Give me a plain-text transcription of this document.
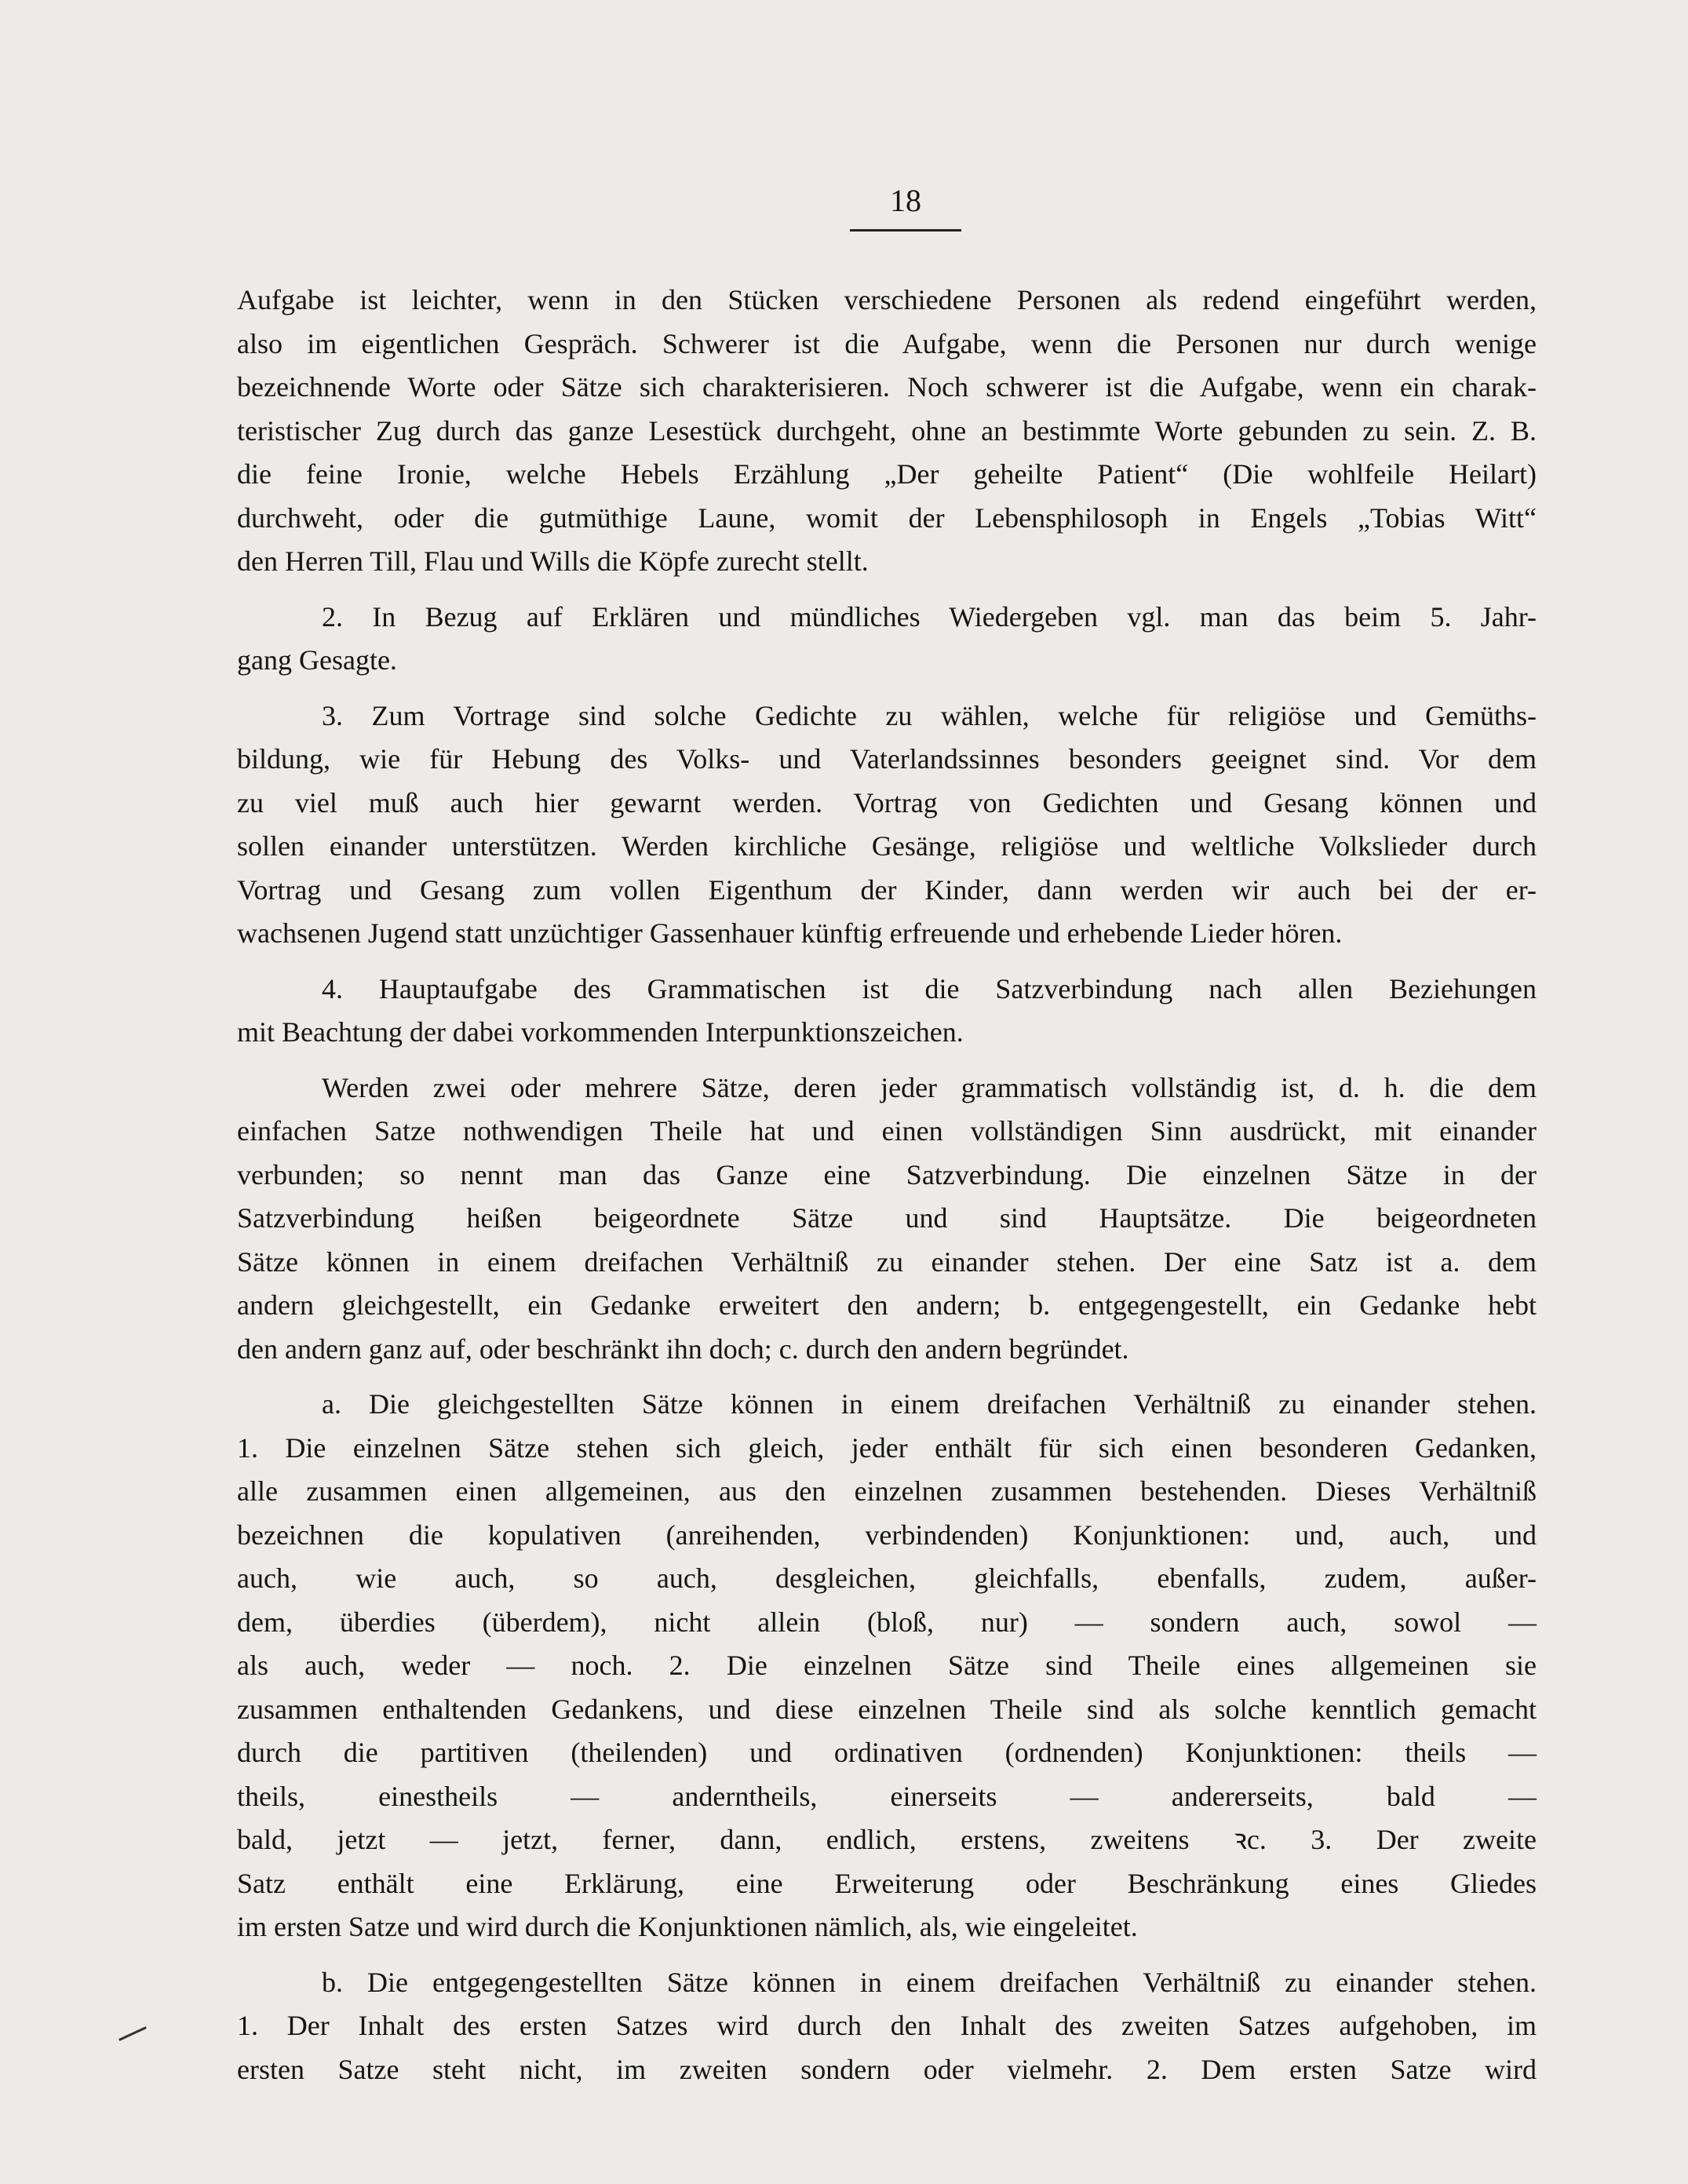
18
Aufgabe ist leichter, wenn in den Stücken verschiedene Personen als redend eingeführt werden,
also im eigentlichen Gespräch. Schwerer ist die Aufgabe, wenn die Personen nur durch wenige
bezeichnende Worte oder Sätze sich charakterisieren. Noch schwerer ist die Aufgabe, wenn ein charak-
teristischer Zug durch das ganze Lesestück durchgeht, ohne an bestimmte Worte gebunden zu sein. Z. B.
die feine Ironie, welche Hebels Erzählung „Der geheilte Patient“ (Die wohlfeile Heilart)
durchweht, oder die gutmüthige Laune, womit der Lebensphilosoph in Engels „Tobias Witt“
den Herren Till, Flau und Wills die Köpfe zurecht stellt.
2. In Bezug auf Erklären und mündliches Wiedergeben vgl. man das beim 5. Jahr-
gang Gesagte.
3. Zum Vortrage sind solche Gedichte zu wählen, welche für religiöse und Gemüths-
bildung, wie für Hebung des Volks- und Vaterlandssinnes besonders geeignet sind. Vor dem
zu viel muß auch hier gewarnt werden. Vortrag von Gedichten und Gesang können und
sollen einander unterstützen. Werden kirchliche Gesänge, religiöse und weltliche Volkslieder durch
Vortrag und Gesang zum vollen Eigenthum der Kinder, dann werden wir auch bei der er-
wachsenen Jugend statt unzüchtiger Gassenhauer künftig erfreuende und erhebende Lieder hören.
4. Hauptaufgabe des Grammatischen ist die Satzverbindung nach allen Beziehungen
mit Beachtung der dabei vorkommenden Interpunktionszeichen.
Werden zwei oder mehrere Sätze, deren jeder grammatisch vollständig ist, d. h. die dem
einfachen Satze nothwendigen Theile hat und einen vollständigen Sinn ausdrückt, mit einander
verbunden; so nennt man das Ganze eine Satzverbindung. Die einzelnen Sätze in der
Satzverbindung heißen beigeordnete Sätze und sind Hauptsätze. Die beigeordneten
Sätze können in einem dreifachen Verhältniß zu einander stehen. Der eine Satz ist a. dem
andern gleichgestellt, ein Gedanke erweitert den andern; b. entgegengestellt, ein Gedanke hebt
den andern ganz auf, oder beschränkt ihn doch; c. durch den andern begründet.
a. Die gleichgestellten Sätze können in einem dreifachen Verhältniß zu einander stehen.
1. Die einzelnen Sätze stehen sich gleich, jeder enthält für sich einen besonderen Gedanken,
alle zusammen einen allgemeinen, aus den einzelnen zusammen bestehenden. Dieses Verhältniß
bezeichnen die kopulativen (anreihenden, verbindenden) Konjunktionen: und, auch, und
auch, wie auch, so auch, desgleichen, gleichfalls, ebenfalls, zudem, außer-
dem, überdies (überdem), nicht allein (bloß, nur) — sondern auch, sowol —
als auch, weder — noch. 2. Die einzelnen Sätze sind Theile eines allgemeinen sie
zusammen enthaltenden Gedankens, und diese einzelnen Theile sind als solche kenntlich gemacht
durch die partitiven (theilenden) und ordinativen (ordnenden) Konjunktionen: theils —
theils, einestheils — anderntheils, einerseits — andererseits, bald —
bald, jetzt — jetzt, ferner, dann, endlich, erstens, zweitens ꝛc. 3. Der zweite
Satz enthält eine Erklärung, eine Erweiterung oder Beschränkung eines Gliedes
im ersten Satze und wird durch die Konjunktionen nämlich, als, wie eingeleitet.
b. Die entgegengestellten Sätze können in einem dreifachen Verhältniß zu einander stehen.
1. Der Inhalt des ersten Satzes wird durch den Inhalt des zweiten Satzes aufgehoben, im
ersten Satze steht nicht, im zweiten sondern oder vielmehr. 2. Dem ersten Satze wird
